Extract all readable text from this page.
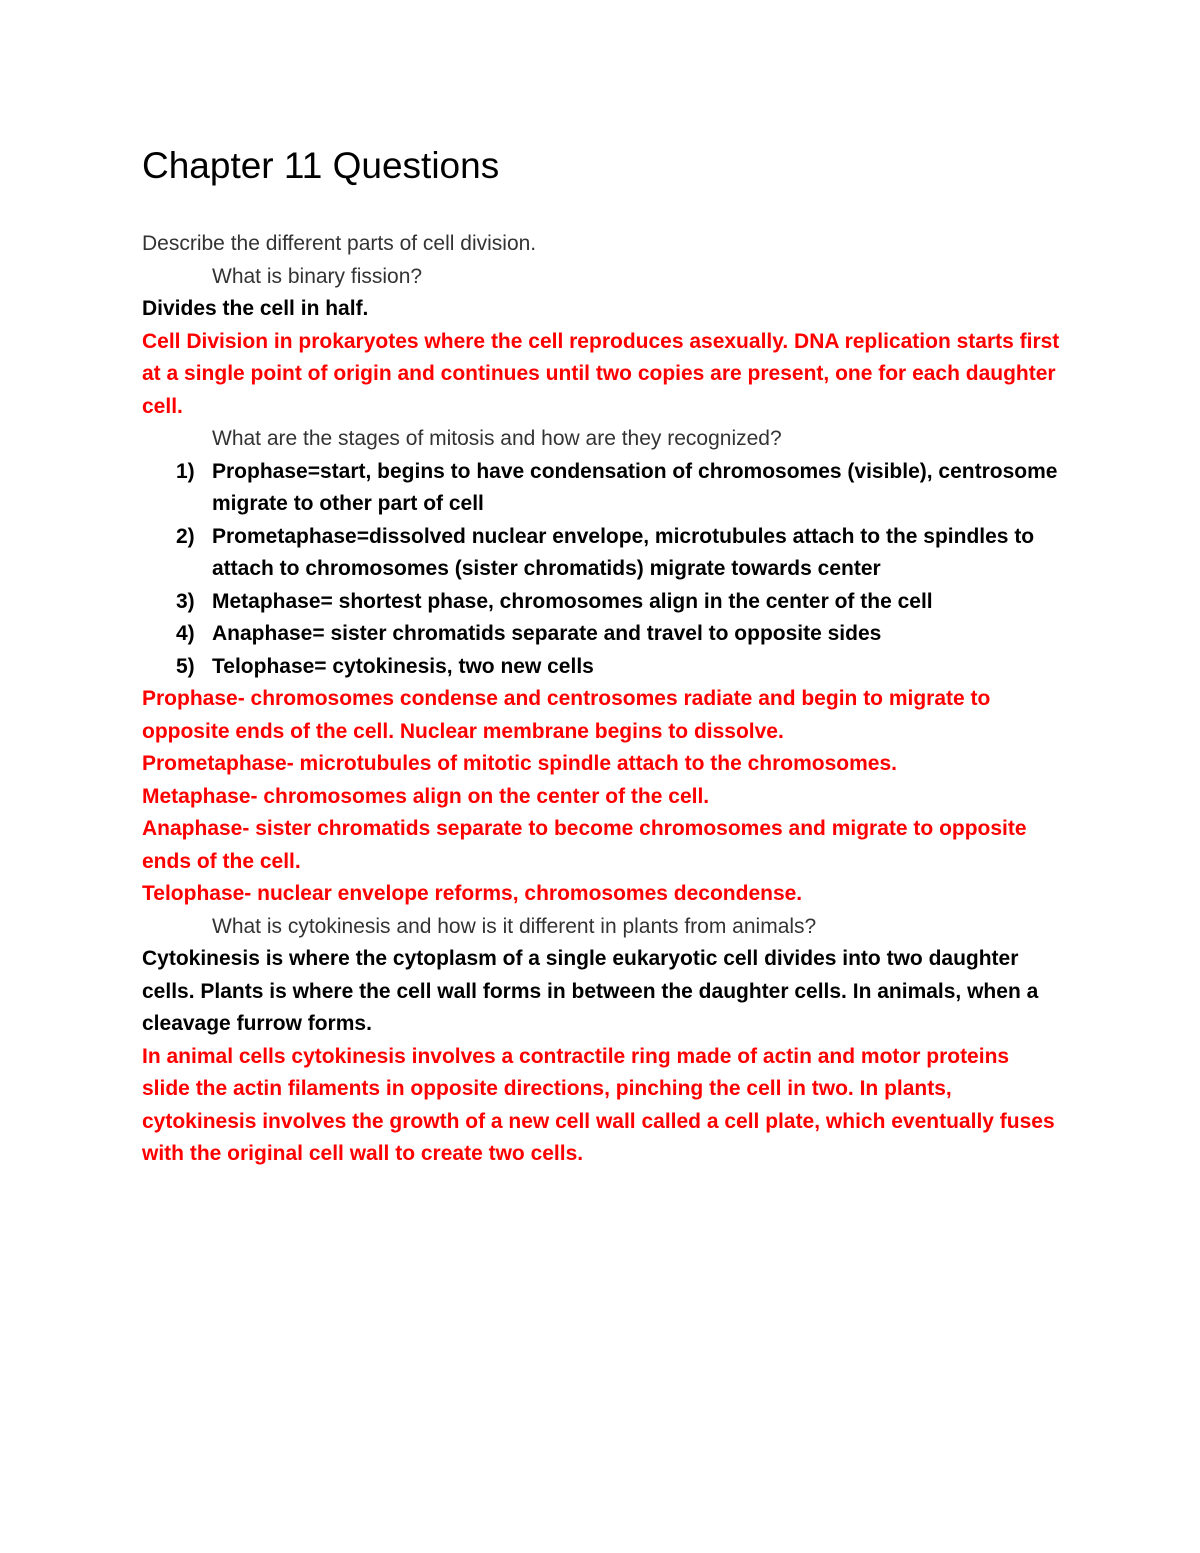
Chapter 11 Questions

Describe the different parts of cell division.

What is binary fission?

Divides the cell in half.

Cell Division in prokaryotes where the cell reproduces asexually. DNA replication starts first at a single point of origin and continues until two copies are present, one for each daughter cell.

What are the stages of mitosis and how are they recognized?

1) Prophase=start, begins to have condensation of chromosomes (visible), centrosome migrate to other part of cell
2) Prometaphase=dissolved nuclear envelope, microtubules attach to the spindles to attach to chromosomes (sister chromatids) migrate towards center
3) Metaphase= shortest phase, chromosomes align in the center of the cell
4) Anaphase= sister chromatids separate and travel to opposite sides
5) Telophase= cytokinesis, two new cells

Prophase- chromosomes condense and centrosomes radiate and begin to migrate to opposite ends of the cell. Nuclear membrane begins to dissolve.

Prometaphase- microtubules of mitotic spindle attach to the chromosomes.

Metaphase- chromosomes align on the center of the cell.

Anaphase- sister chromatids separate to become chromosomes and migrate to opposite ends of the cell.

Telophase- nuclear envelope reforms, chromosomes decondense.

What is cytokinesis and how is it different in plants from animals?

Cytokinesis is where the cytoplasm of a single eukaryotic cell divides into two daughter cells. Plants is where the cell wall forms in between the daughter cells. In animals, when a cleavage furrow forms.

In animal cells cytokinesis involves a contractile ring made of actin and motor proteins slide the actin filaments in opposite directions, pinching the cell in two. In plants, cytokinesis involves the growth of a new cell wall called a cell plate, which eventually fuses with the original cell wall to create two cells.
